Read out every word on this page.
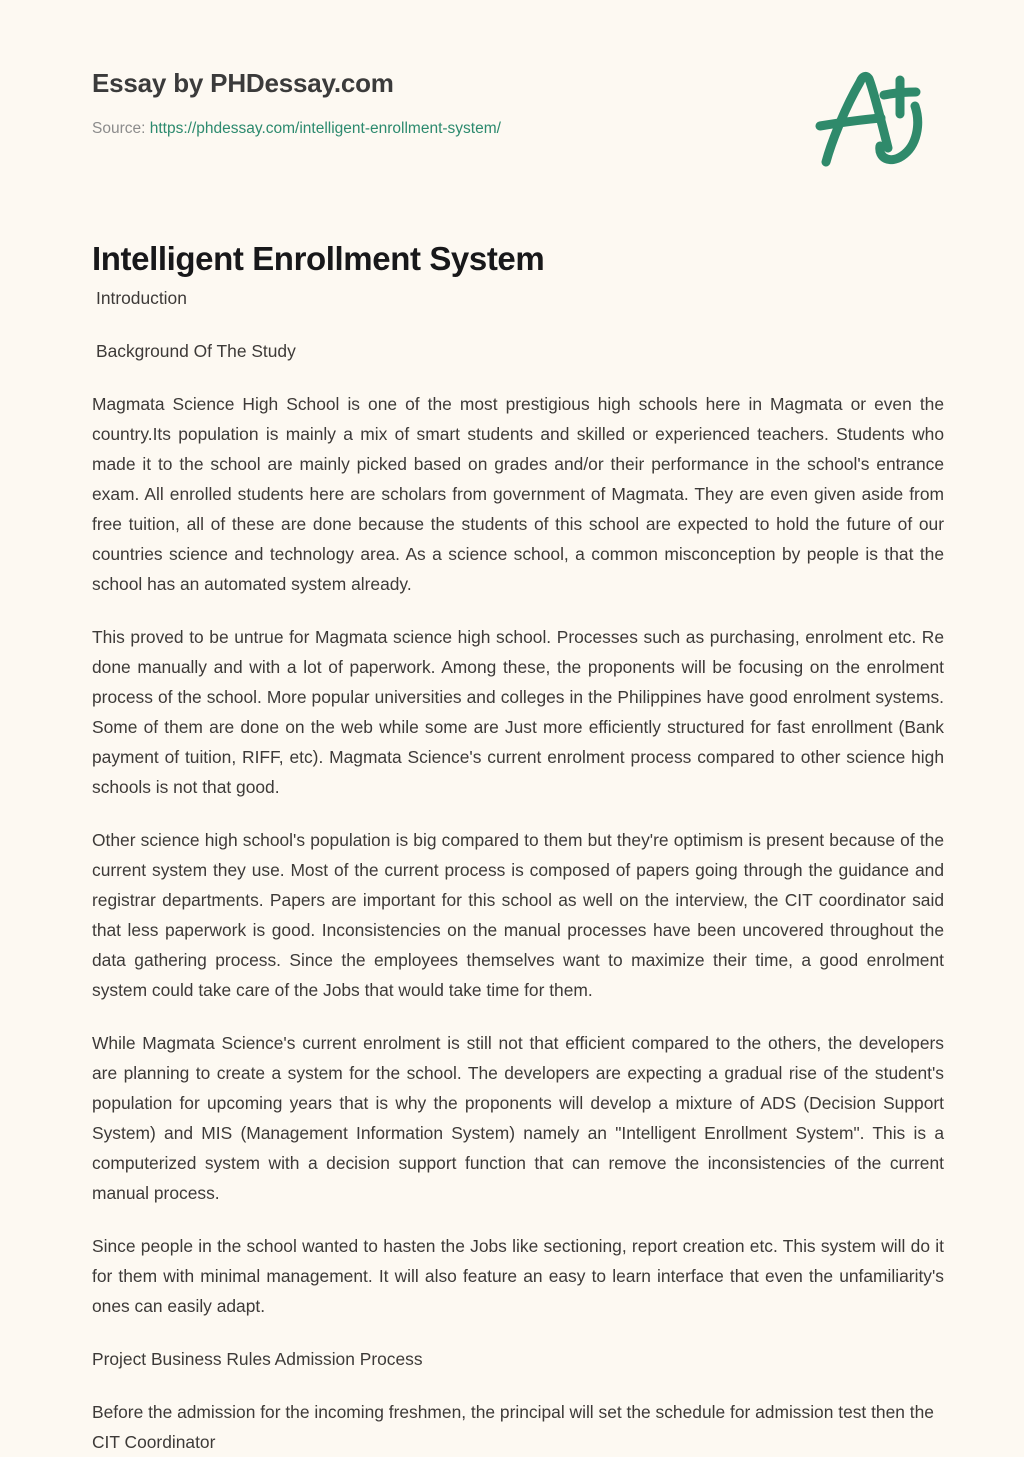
Essay by PHDessay.com
Source: https://phdessay.com/intelligent-enrollment-system/
Intelligent Enrollment System

Introduction

Background Of The Study

Magmata Science High School is one of the most prestigious high schools here in Magmata or even the country.Its population is mainly a mix of smart students and skilled or experienced teachers. Students who made it to the school are mainly picked based on grades and/or their performance in the school's entrance exam. All enrolled students here are scholars from government of Magmata. They are even given aside from free tuition, all of these are done because the students of this school are expected to hold the future of our countries science and technology area. As a science school, a common misconception by people is that the school has an automated system already.

This proved to be untrue for Magmata science high school. Processes such as purchasing, enrolment etc. Re done manually and with a lot of paperwork. Among these, the proponents will be focusing on the enrolment process of the school. More popular universities and colleges in the Philippines have good enrolment systems. Some of them are done on the web while some are Just more efficiently structured for fast enrollment (Bank payment of tuition, RIFF, etc). Magmata Science's current enrolment process compared to other science high schools is not that good.

Other science high school's population is big compared to them but they're optimism is present because of the current system they use. Most of the current process is composed of papers going through the guidance and registrar departments. Papers are important for this school as well on the interview, the CIT coordinator said that less paperwork is good. Inconsistencies on the manual processes have been uncovered throughout the data gathering process. Since the employees themselves want to maximize their time, a good enrolment system could take care of the Jobs that would take time for them.

While Magmata Science's current enrolment is still not that efficient compared to the others, the developers are planning to create a system for the school. The developers are expecting a gradual rise of the student's population for upcoming years that is why the proponents will develop a mixture of ADS (Decision Support System) and MIS (Management Information System) namely an "Intelligent Enrollment System". This is a computerized system with a decision support function that can remove the inconsistencies of the current manual process.

Since people in the school wanted to hasten the Jobs like sectioning, report creation etc. This system will do it for them with minimal management. It will also feature an easy to learn interface that even the unfamiliarity's ones can easily adapt.

Project Business Rules Admission Process

Before the admission for the incoming freshmen, the principal will set the schedule for admission test then the CIT Coordinator
